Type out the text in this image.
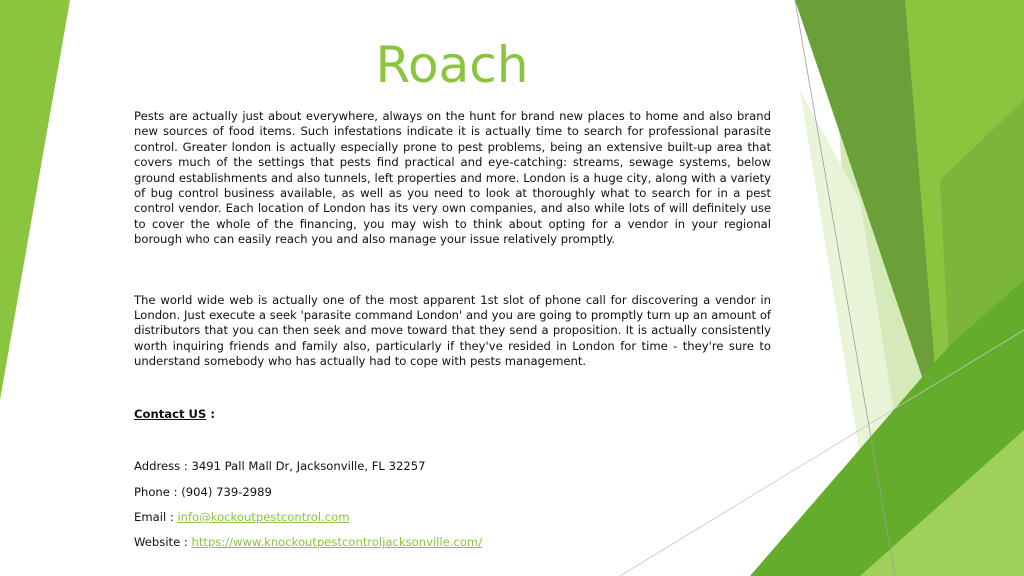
Roach

Pests are actually just about everywhere, always on the hunt for brand new places to home and also brand new sources of food items. Such infestations indicate it is actually time to search for professional parasite control. Greater london is actually especially prone to pest problems, being an extensive built-up area that covers much of the settings that pests find practical and eye-catching: streams, sewage systems, below ground establishments and also tunnels, left properties and more. London is a huge city, along with a variety of bug control business available, as well as you need to look at thoroughly what to search for in a pest control vendor. Each location of London has its very own companies, and also while lots of will definitely use to cover the whole of the financing, you may wish to think about opting for a vendor in your regional borough who can easily reach you and also manage your issue relatively promptly.

The world wide web is actually one of the most apparent 1st slot of phone call for discovering a vendor in London. Just execute a seek 'parasite command London' and you are going to promptly turn up an amount of distributors that you can then seek and move toward that they send a proposition. It is actually consistently worth inquiring friends and family also, particularly if they've resided in London for time - they're sure to understand somebody who has actually had to cope with pests management.

Contact US :
Address : 3491 Pall Mall Dr, Jacksonville, FL 32257
Phone : (904) 739-2989
Email : info@kockoutpestcontrol.com
Website : https://www.knockoutpestcontroljacksonville.com/
